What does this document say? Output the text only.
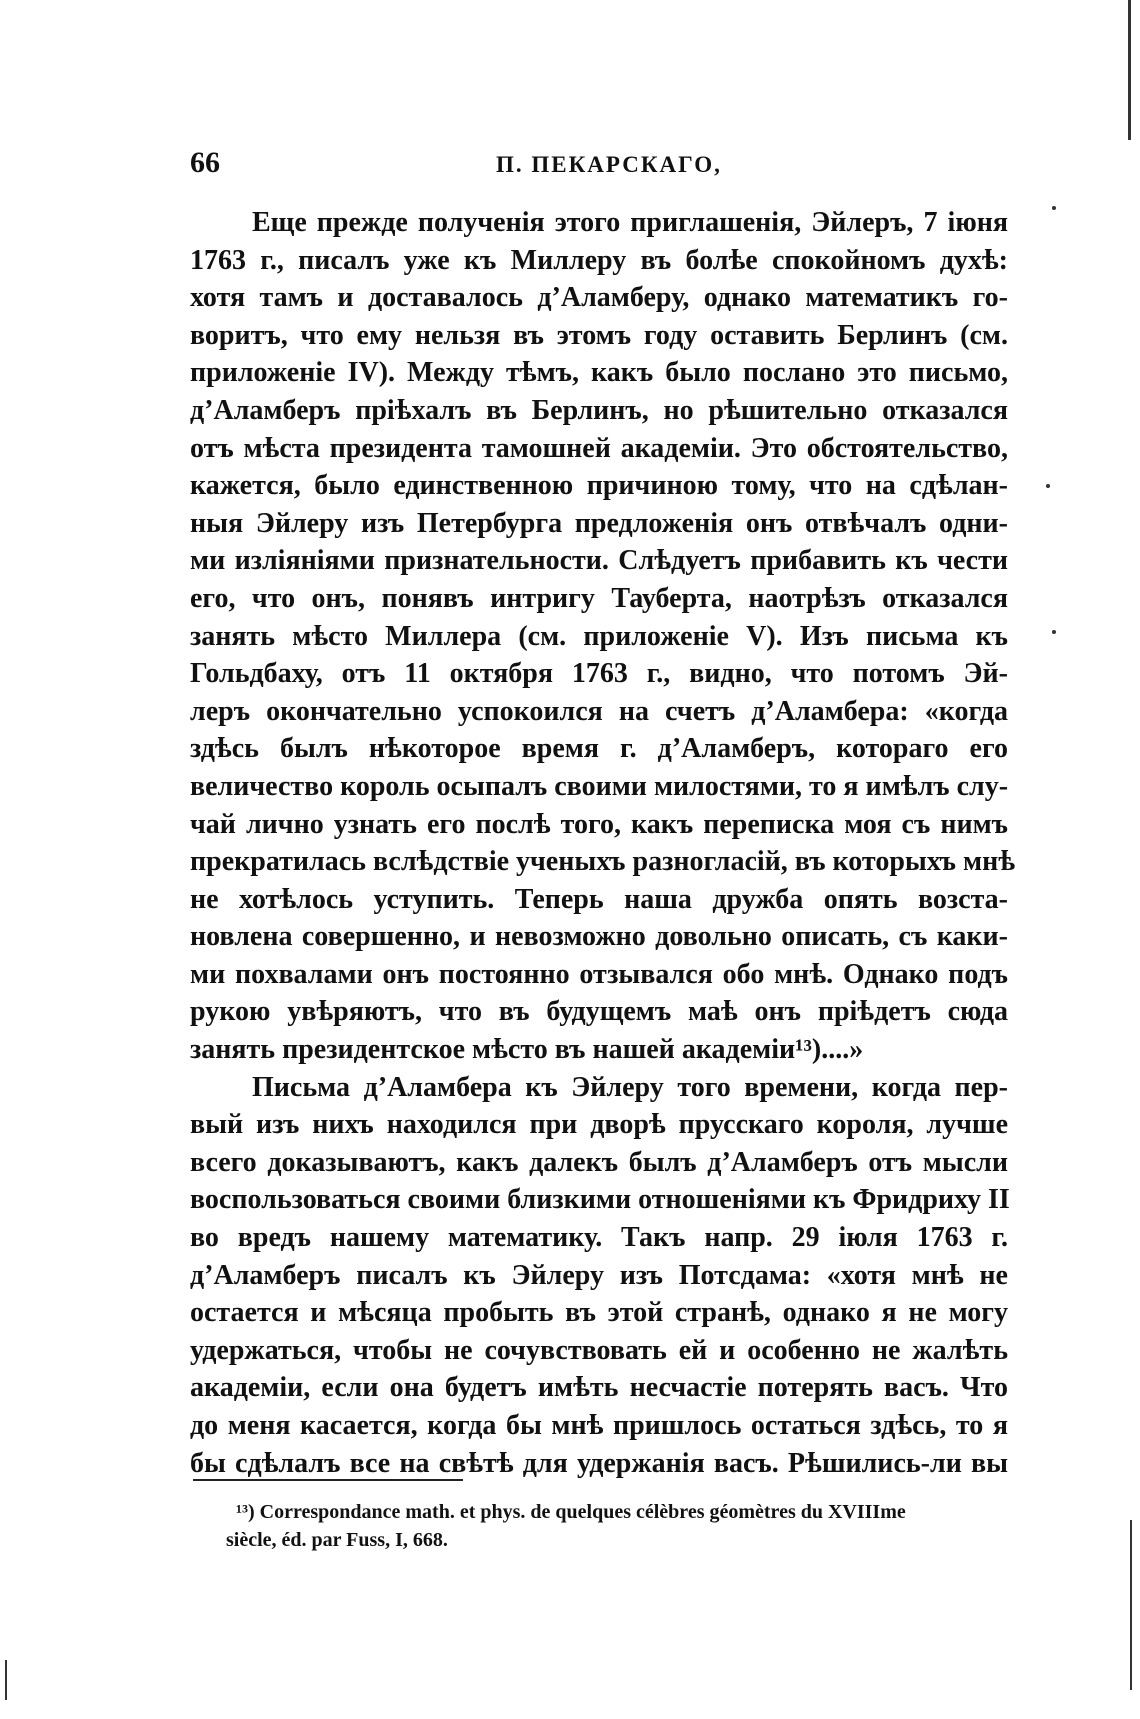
66	П. ПЕКАРСКАГО,
Еще прежде полученія этого приглашенія, Эйлеръ, 7 іюня
1763 г., писалъ уже къ Миллеру въ болѣе спокойномъ духѣ:
хотя тамъ и доставалось д’Аламберу, однако математикъ го-
воритъ, что ему нельзя въ этомъ году оставить Берлинъ (см.
приложеніе IV). Между тѣмъ, какъ было послано это письмо,
д’Аламберъ пріѣхалъ въ Берлинъ, но рѣшительно отказался
отъ мѣста президента тамошней академіи. Это обстоятельство,
кажется, было единственною причиною тому, что на сдѣлан-
ныя Эйлеру изъ Петербурга предложенія онъ отвѣчалъ одни-
ми изліяніями признательности. Слѣдуетъ прибавить къ чести
его, что онъ, понявъ интригу Тауберта, наотрѣзъ отказался
занять мѣсто Миллера (см. приложеніе V). Изъ письма къ
Гольдбаху, отъ 11 октября 1763 г., видно, что потомъ Эй-
леръ окончательно успокоился на счетъ д’Аламбера: «когда
здѣсь былъ нѣкоторое время г. д’Аламберъ, котораго его
величество король осыпалъ своими милостями, то я имѣлъ слу-
чай лично узнать его послѣ того, какъ переписка моя съ нимъ
прекратилась вслѣдствіе ученыхъ разногласій, въ которыхъ мнѣ
не хотѣлось уступить. Теперь наша дружба опять возста-
новлена совершенно, и невозможно довольно описать, съ каки-
ми похвалами онъ постоянно отзывался обо мнѣ. Однако подъ
рукою увѣряютъ, что въ будущемъ маѣ онъ пріѣдетъ сюда
занять президентское мѣсто въ нашей академіи¹³)....»
Письма д’Аламбера къ Эйлеру того времени, когда пер-
вый изъ нихъ находился при дворѣ прусскаго короля, лучше
всего доказываютъ, какъ далекъ былъ д’Аламберъ отъ мысли
воспользоваться своими близкими отношеніями къ Фридриху II
во вредъ нашему математику. Такъ напр. 29 іюля 1763 г.
д’Аламберъ писалъ къ Эйлеру изъ Потсдама: «хотя мнѣ не
остается и мѣсяца пробыть въ этой странѣ, однако я не могу
удержаться, чтобы не сочувствовать ей и особенно не жалѣть
академіи, если она будетъ имѣть несчастіе потерять васъ. Что
до меня касается, когда бы мнѣ пришлось остаться здѣсь, то я
бы сдѣлалъ все на свѣтѣ для удержанія васъ. Рѣшились-ли вы
¹³) Correspondance math. et phys. de quelques célèbres géomètres du XVIIIme
siècle, éd. par Fuss, I, 668.
